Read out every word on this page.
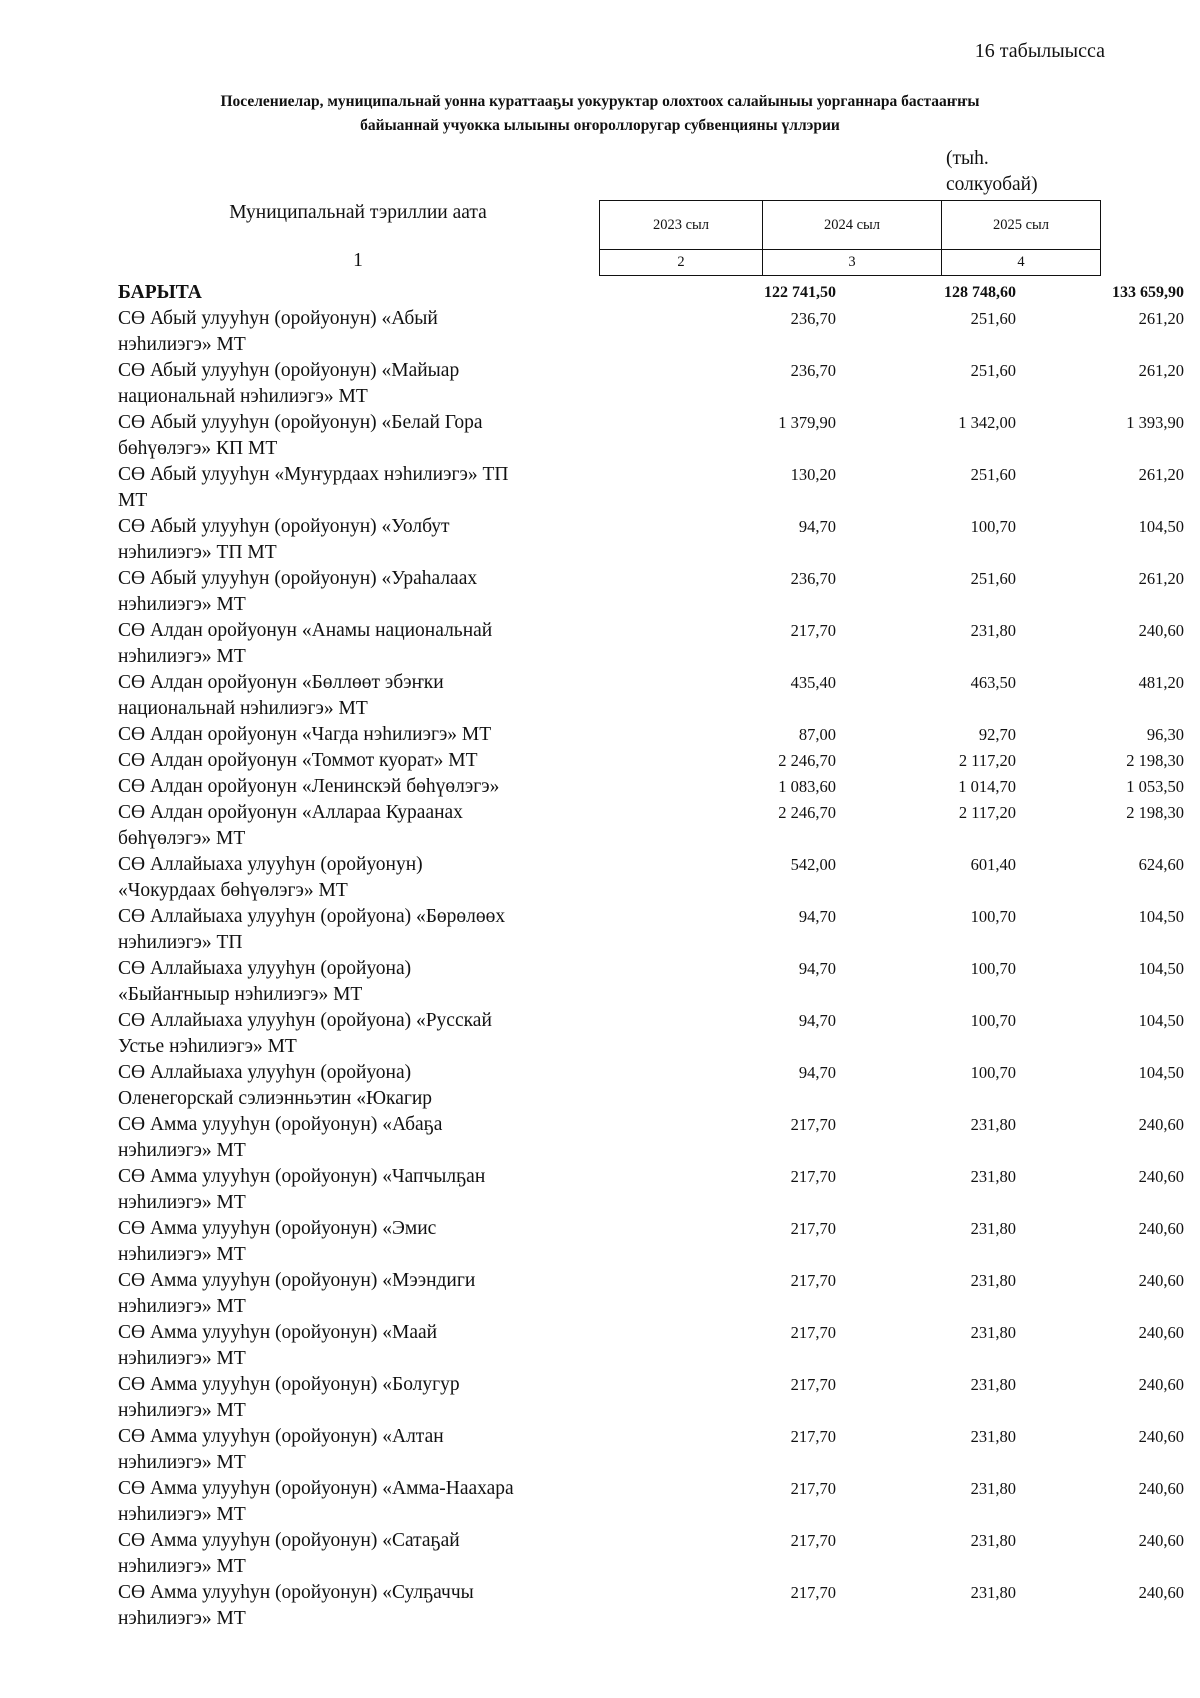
16 табылыысса
Поселениелар, муниципальнай уонна кураттааҕы уокуруктар олохтоох салайыныы уорганнара бастааҥҥы
байыаннай учуокка ылыыны оҥороллоругар субвенцияны үллэрии
(тыһ.
солкуобай)
Муниципальнай тэриллии аата
1
2023 сыл	2024 сыл	2025 сыл
2	3	4
БАРЫТА	122 741,50	128 748,60	133 659,90
СӨ Абый улууһун (оройуонун) «Абый
нэһилиэгэ» МТ
236,70	251,60	261,20
СӨ Абый улууһун (оройуонун) «Майыар
национальнай нэһилиэгэ» МТ
236,70	251,60	261,20
СӨ Абый улууһун (оройуонун) «Белай Гора
бөһүөлэгэ» КП МТ
1 379,90	1 342,00	1 393,90
СӨ Абый улууһун «Муҥурдаах нэһилиэгэ» ТП
МТ
130,20	251,60	261,20
СӨ Абый улууһун (оройуонун) «Уолбут
нэһилиэгэ» ТП МТ
94,70	100,70	104,50
СӨ Абый улууһун (оройуонун) «Ураһалаах
нэһилиэгэ» МТ
236,70	251,60	261,20
СӨ Алдан оройуонун «Анамы национальнай
нэһилиэгэ» МТ
217,70	231,80	240,60
СӨ Алдан оройуонун «Бөллөөт эбэҥки
национальнай нэһилиэгэ» МТ
435,40	463,50	481,20
СӨ Алдан оройуонун «Чагда нэһилиэгэ» МТ	87,00	92,70	96,30
СӨ Алдан оройуонун «Томмот куорат» МТ	2 246,70	2 117,20	2 198,30
СӨ Алдан оройуонун «Ленинскэй бөһүөлэгэ»	1 083,60	1 014,70	1 053,50
СӨ Алдан оройуонун «Аллараа Кураанах
бөһүөлэгэ» МТ
2 246,70	2 117,20	2 198,30
СӨ Аллайыаха улууһун (оройуонун)
«Чокурдаах бөһүөлэгэ» МТ
542,00	601,40	624,60
СӨ Аллайыаха улууһун (оройуона) «Бөрөлөөх
нэһилиэгэ» ТП
94,70	100,70	104,50
СӨ Аллайыаха улууһун (оройуона)
«Быйаҥныыр нэһилиэгэ» МТ
94,70	100,70	104,50
СӨ Аллайыаха улууһун (оройуона) «Русскай
Устье нэһилиэгэ» МТ
94,70	100,70	104,50
СӨ Аллайыаха улууһун (оройуона)
Оленегорскай сэлиэнньэтин «Юкагир
94,70	100,70	104,50
СӨ Амма улууһун (оройуонун) «Абаҕа
нэһилиэгэ» МТ
217,70	231,80	240,60
СӨ Амма улууһун (оройуонун) «Чапчылҕан
нэһилиэгэ» МТ
217,70	231,80	240,60
СӨ Амма улууһун (оройуонун) «Эмис
нэһилиэгэ» МТ
217,70	231,80	240,60
СӨ Амма улууһун (оройуонун) «Мээндиги
нэһилиэгэ» МТ
217,70	231,80	240,60
СӨ Амма улууһун (оройуонун) «Маай
нэһилиэгэ» МТ
217,70	231,80	240,60
СӨ Амма улууһун (оройуонун) «Болугур
нэһилиэгэ» МТ
217,70	231,80	240,60
СӨ Амма улууһун (оройуонун) «Алтан
нэһилиэгэ» МТ
217,70	231,80	240,60
СӨ Амма улууһун (оройуонун) «Амма-Наахара
нэһилиэгэ» МТ
217,70	231,80	240,60
СӨ Амма улууһун (оройуонун) «Сатаҕай
нэһилиэгэ» МТ
217,70	231,80	240,60
СӨ Амма улууһун (оройуонун) «Сулҕаччы
нэһилиэгэ» МТ
217,70	231,80	240,60
